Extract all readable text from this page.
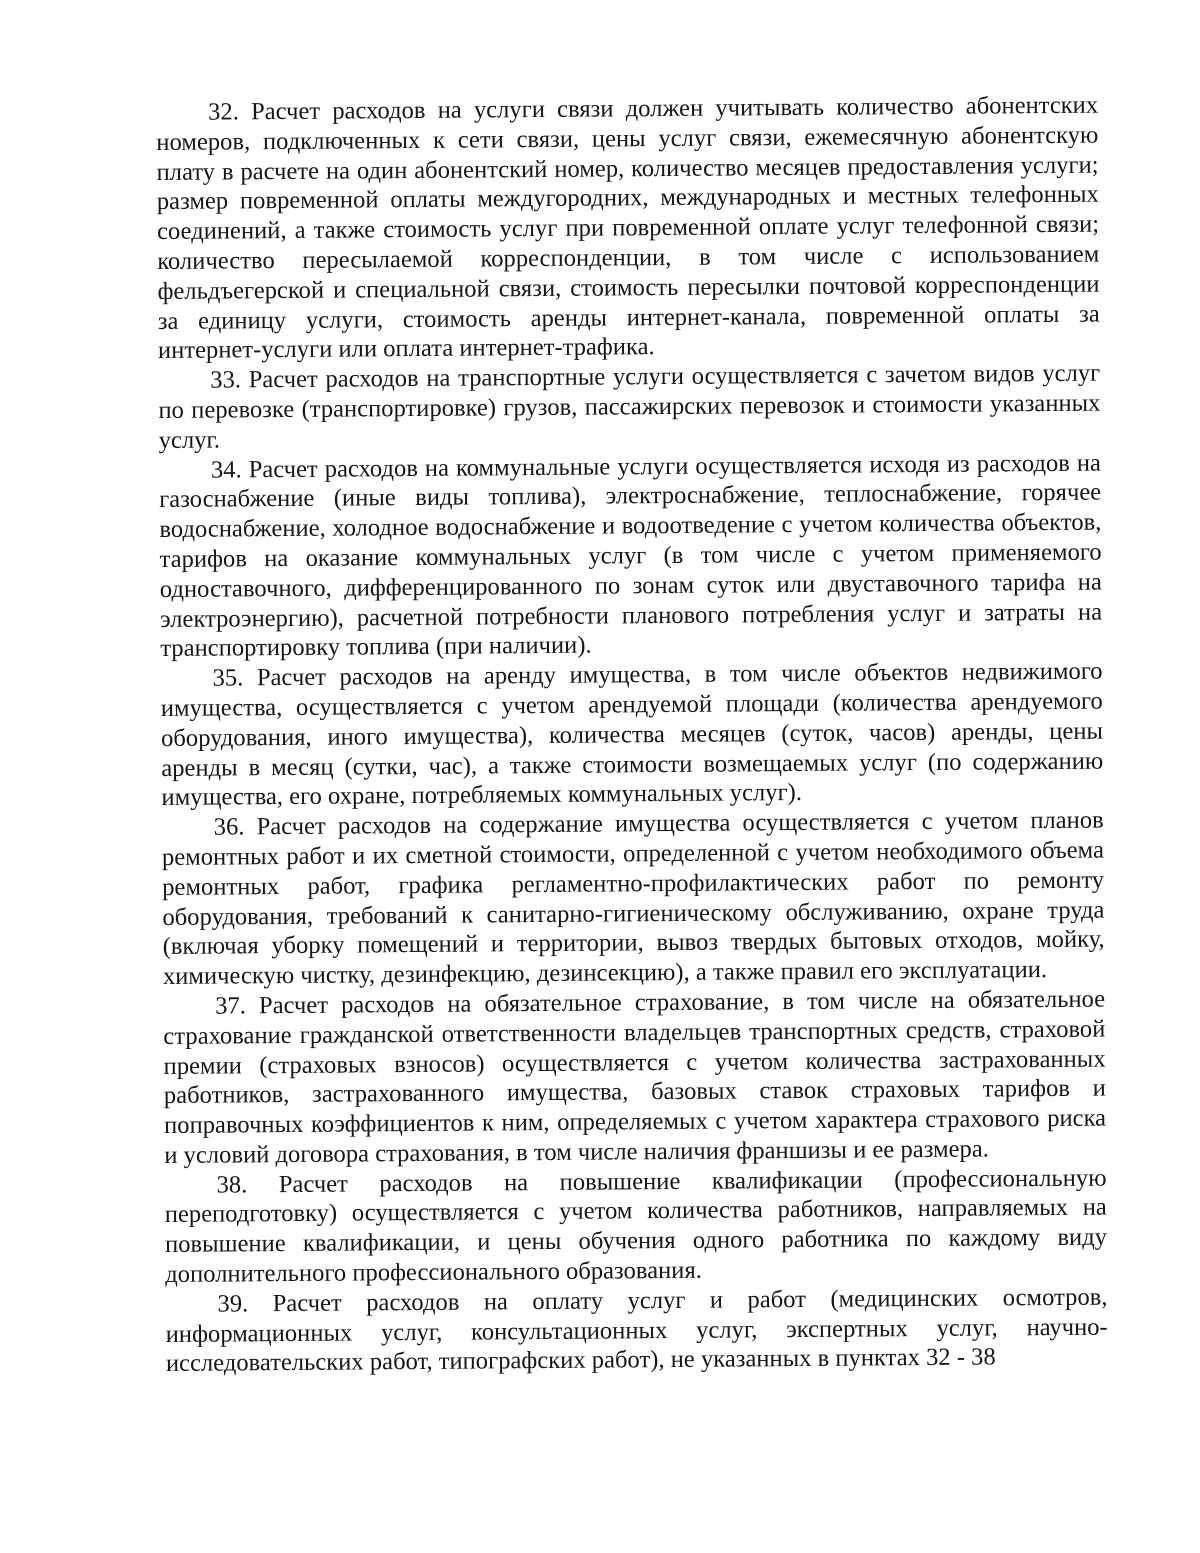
32. Расчет расходов на услуги связи должен учитывать количество абонентских номеров, подключенных к сети связи, цены услуг связи, ежемесячную абонентскую плату в расчете на один абонентский номер, количество месяцев предоставления услуги; размер повременной оплаты междугородних, международных и местных телефонных соединений, а также стоимость услуг при повременной оплате услуг телефонной связи; количество пересылаемой корреспонденции, в том числе с использованием фельдъегерской и специальной связи, стоимость пересылки почтовой корреспонденции за единицу услуги, стоимость аренды интернет-канала, повременной оплаты за интернет-услуги или оплата интернет-трафика.

33. Расчет расходов на транспортные услуги осуществляется с зачетом видов услуг по перевозке (транспортировке) грузов, пассажирских перевозок и стоимости указанных услуг.

34. Расчет расходов на коммунальные услуги осуществляется исходя из расходов на газоснабжение (иные виды топлива), электроснабжение, теплоснабжение, горячее водоснабжение, холодное водоснабжение и водоотведение с учетом количества объектов, тарифов на оказание коммунальных услуг (в том числе с учетом применяемого одноставочного, дифференцированного по зонам суток или двуставочного тарифа на электроэнергию), расчетной потребности планового потребления услуг и затраты на транспортировку топлива (при наличии).

35. Расчет расходов на аренду имущества, в том числе объектов недвижимого имущества, осуществляется с учетом арендуемой площади (количества арендуемого оборудования, иного имущества), количества месяцев (суток, часов) аренды, цены аренды в месяц (сутки, час), а также стоимости возмещаемых услуг (по содержанию имущества, его охране, потребляемых коммунальных услуг).

36. Расчет расходов на содержание имущества осуществляется с учетом планов ремонтных работ и их сметной стоимости, определенной с учетом необходимого объема ремонтных работ, графика регламентно-профилактических работ по ремонту оборудования, требований к санитарно-гигиеническому обслуживанию, охране труда (включая уборку помещений и территории, вывоз твердых бытовых отходов, мойку, химическую чистку, дезинфекцию, дезинсекцию), а также правил его эксплуатации.

37. Расчет расходов на обязательное страхование, в том числе на обязательное страхование гражданской ответственности владельцев транспортных средств, страховой премии (страховых взносов) осуществляется с учетом количества застрахованных работников, застрахованного имущества, базовых ставок страховых тарифов и поправочных коэффициентов к ним, определяемых с учетом характера страхового риска и условий договора страхования, в том числе наличия франшизы и ее размера.

38. Расчет расходов на повышение квалификации (профессиональную переподготовку) осуществляется с учетом количества работников, направляемых на повышение квалификации, и цены обучения одного работника по каждому виду дополнительного профессионального образования.

39. Расчет расходов на оплату услуг и работ (медицинских осмотров, информационных услуг, консультационных услуг, экспертных услуг, научно-исследовательских работ, типографских работ), не указанных в пунктах 32 - 38
